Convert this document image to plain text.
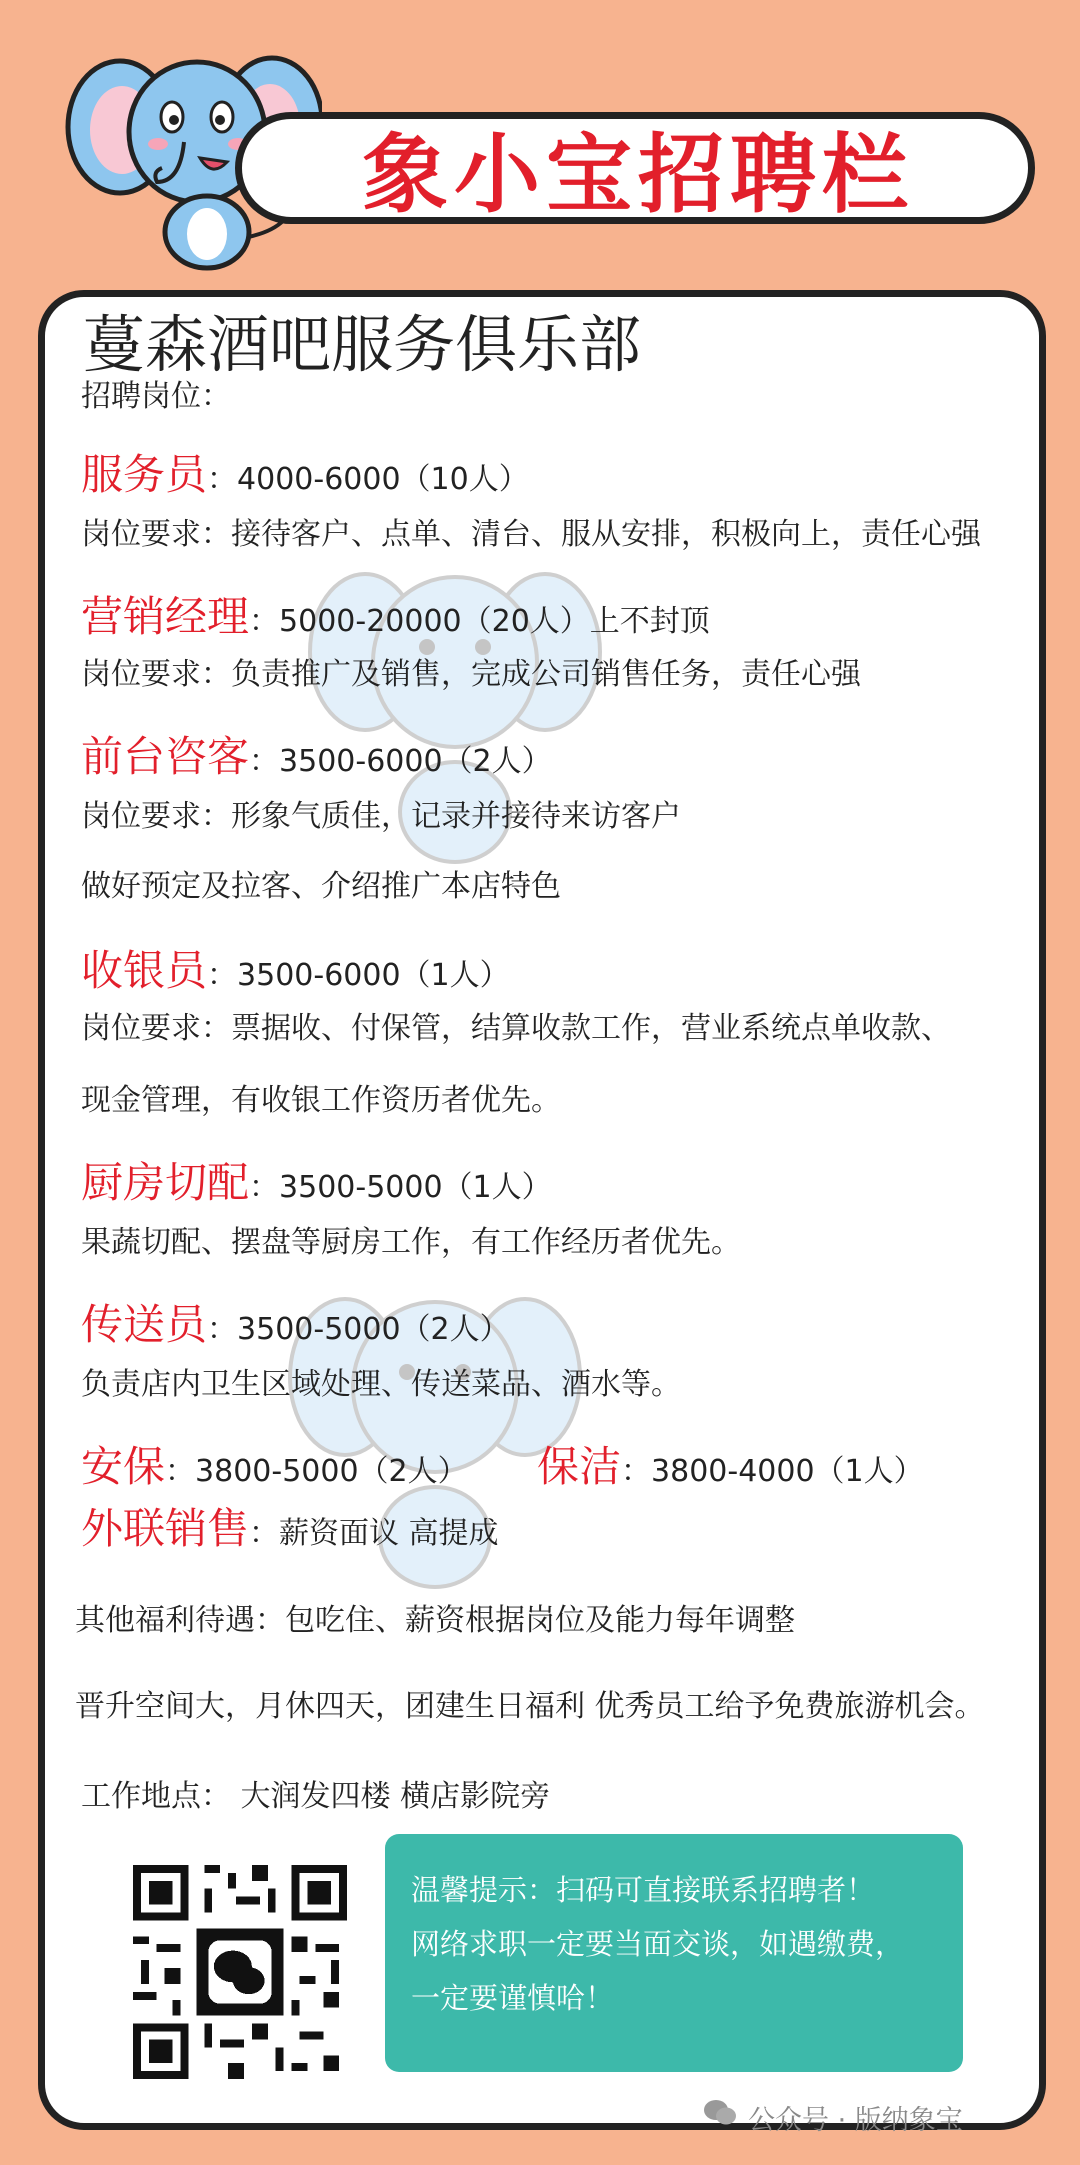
象小宝招聘栏
蔓森酒吧服务俱乐部
招聘岗位：
服务员：4000-6000（10人）
岗位要求：接待客户、点单、清台、服从安排，积极向上，责任心强
营销经理：5000-20000（20人）上不封顶
岗位要求：负责推广及销售，完成公司销售任务，责任心强
前台咨客：3500-6000（2人）
岗位要求：形象气质佳，记录并接待来访客户
做好预定及拉客、介绍推广本店特色
收银员：3500-6000（1人）
岗位要求：票据收、付保管，结算收款工作，营业系统点单收款、
现金管理，有收银工作资历者优先。
厨房切配：3500-5000（1人）
果蔬切配、摆盘等厨房工作，有工作经历者优先。
传送员：3500-5000（2人）
负责店内卫生区域处理、传送菜品、酒水等。
安保：3800-5000（2人） 保洁：3800-4000（1人）
外联销售：薪资面议 高提成
其他福利待遇：包吃住、薪资根据岗位及能力每年调整
晋升空间大，月休四天，团建生日福利 优秀员工给予免费旅游机会。
工作地点： 大润发四楼 横店影院旁
温馨提示：扫码可直接联系招聘者！
网络求职一定要当面交谈，如遇缴费，
一定要谨慎哈！
公众号 · 版纳象宝
